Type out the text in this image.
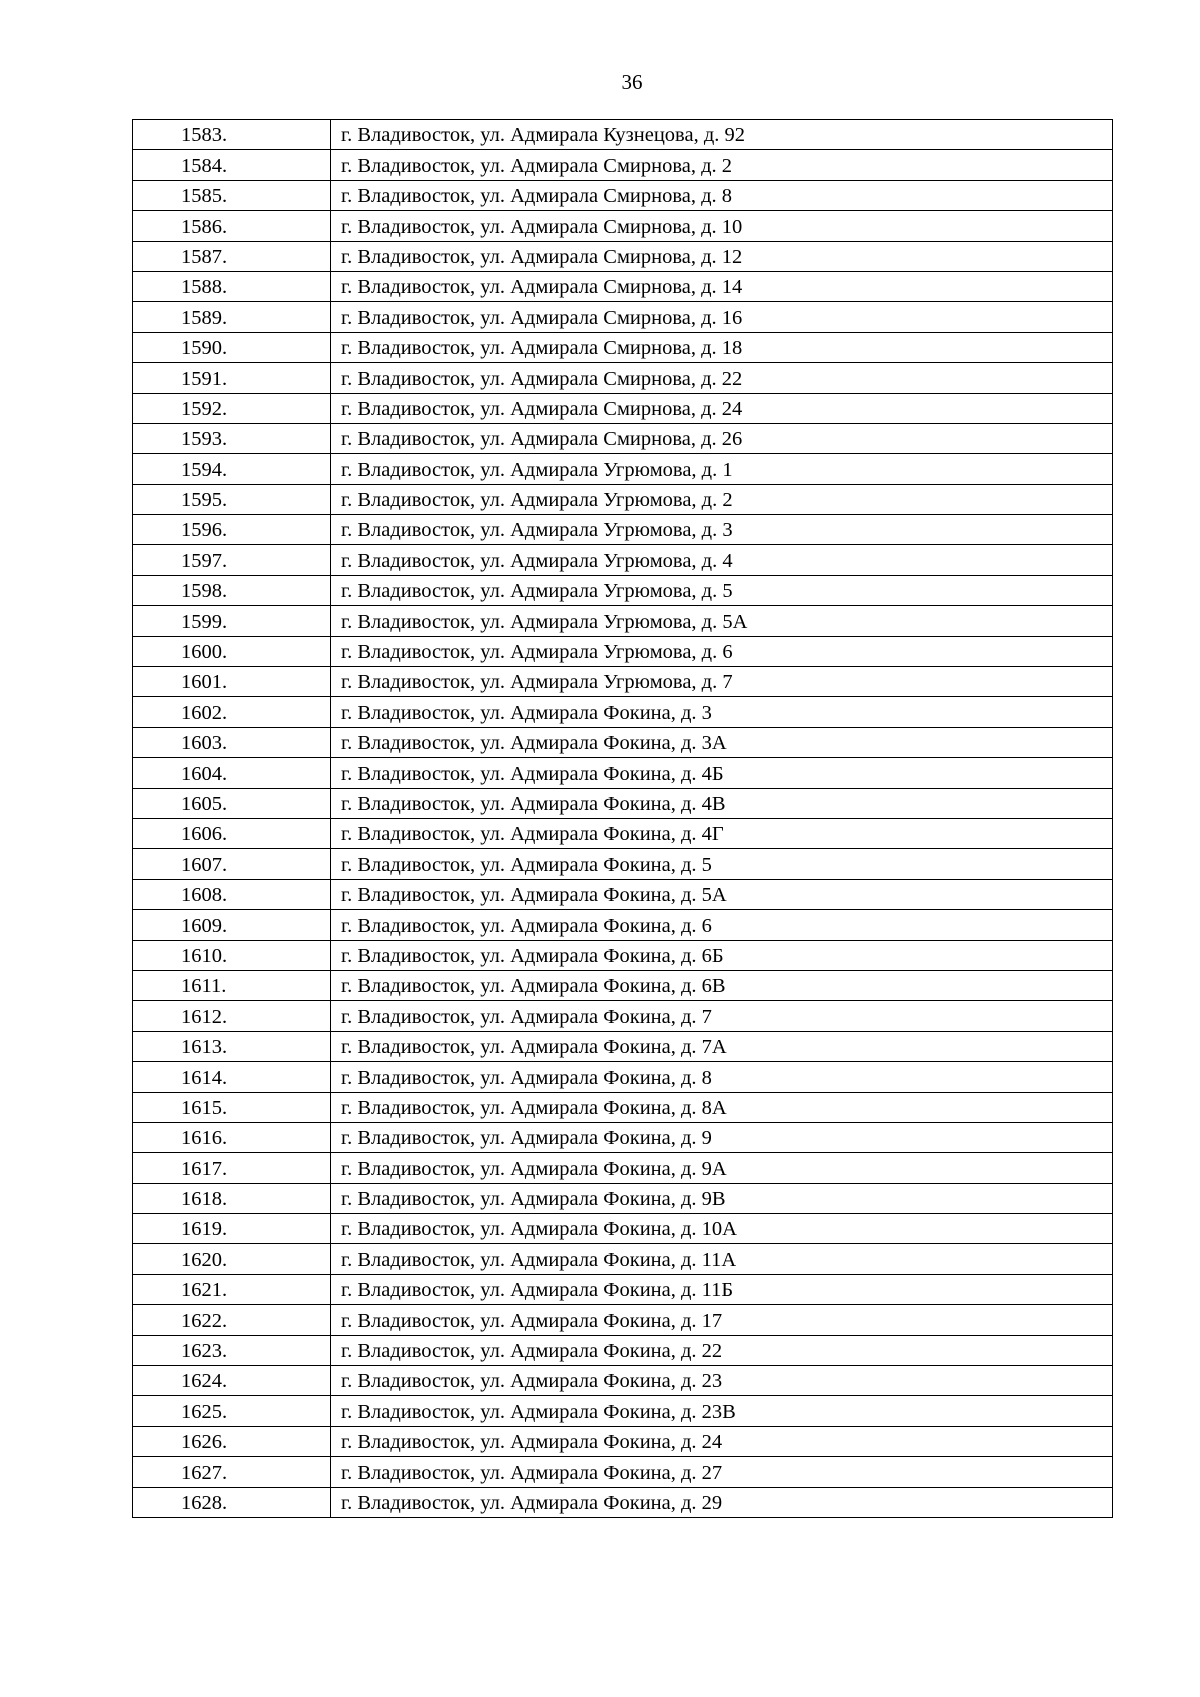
36
1583.	г. Владивосток, ул. Адмирала Кузнецова, д. 92
1584.	г. Владивосток, ул. Адмирала Смирнова, д. 2
1585.	г. Владивосток, ул. Адмирала Смирнова, д. 8
1586.	г. Владивосток, ул. Адмирала Смирнова, д. 10
1587.	г. Владивосток, ул. Адмирала Смирнова, д. 12
1588.	г. Владивосток, ул. Адмирала Смирнова, д. 14
1589.	г. Владивосток, ул. Адмирала Смирнова, д. 16
1590.	г. Владивосток, ул. Адмирала Смирнова, д. 18
1591.	г. Владивосток, ул. Адмирала Смирнова, д. 22
1592.	г. Владивосток, ул. Адмирала Смирнова, д. 24
1593.	г. Владивосток, ул. Адмирала Смирнова, д. 26
1594.	г. Владивосток, ул. Адмирала Угрюмова, д. 1
1595.	г. Владивосток, ул. Адмирала Угрюмова, д. 2
1596.	г. Владивосток, ул. Адмирала Угрюмова, д. 3
1597.	г. Владивосток, ул. Адмирала Угрюмова, д. 4
1598.	г. Владивосток, ул. Адмирала Угрюмова, д. 5
1599.	г. Владивосток, ул. Адмирала Угрюмова, д. 5А
1600.	г. Владивосток, ул. Адмирала Угрюмова, д. 6
1601.	г. Владивосток, ул. Адмирала Угрюмова, д. 7
1602.	г. Владивосток, ул. Адмирала Фокина, д. 3
1603.	г. Владивосток, ул. Адмирала Фокина, д. 3А
1604.	г. Владивосток, ул. Адмирала Фокина, д. 4Б
1605.	г. Владивосток, ул. Адмирала Фокина, д. 4В
1606.	г. Владивосток, ул. Адмирала Фокина, д. 4Г
1607.	г. Владивосток, ул. Адмирала Фокина, д. 5
1608.	г. Владивосток, ул. Адмирала Фокина, д. 5А
1609.	г. Владивосток, ул. Адмирала Фокина, д. 6
1610.	г. Владивосток, ул. Адмирала Фокина, д. 6Б
1611.	г. Владивосток, ул. Адмирала Фокина, д. 6В
1612.	г. Владивосток, ул. Адмирала Фокина, д. 7
1613.	г. Владивосток, ул. Адмирала Фокина, д. 7А
1614.	г. Владивосток, ул. Адмирала Фокина, д. 8
1615.	г. Владивосток, ул. Адмирала Фокина, д. 8А
1616.	г. Владивосток, ул. Адмирала Фокина, д. 9
1617.	г. Владивосток, ул. Адмирала Фокина, д. 9А
1618.	г. Владивосток, ул. Адмирала Фокина, д. 9В
1619.	г. Владивосток, ул. Адмирала Фокина, д. 10А
1620.	г. Владивосток, ул. Адмирала Фокина, д. 11А
1621.	г. Владивосток, ул. Адмирала Фокина, д. 11Б
1622.	г. Владивосток, ул. Адмирала Фокина, д. 17
1623.	г. Владивосток, ул. Адмирала Фокина, д. 22
1624.	г. Владивосток, ул. Адмирала Фокина, д. 23
1625.	г. Владивосток, ул. Адмирала Фокина, д. 23В
1626.	г. Владивосток, ул. Адмирала Фокина, д. 24
1627.	г. Владивосток, ул. Адмирала Фокина, д. 27
1628.	г. Владивосток, ул. Адмирала Фокина, д. 29
